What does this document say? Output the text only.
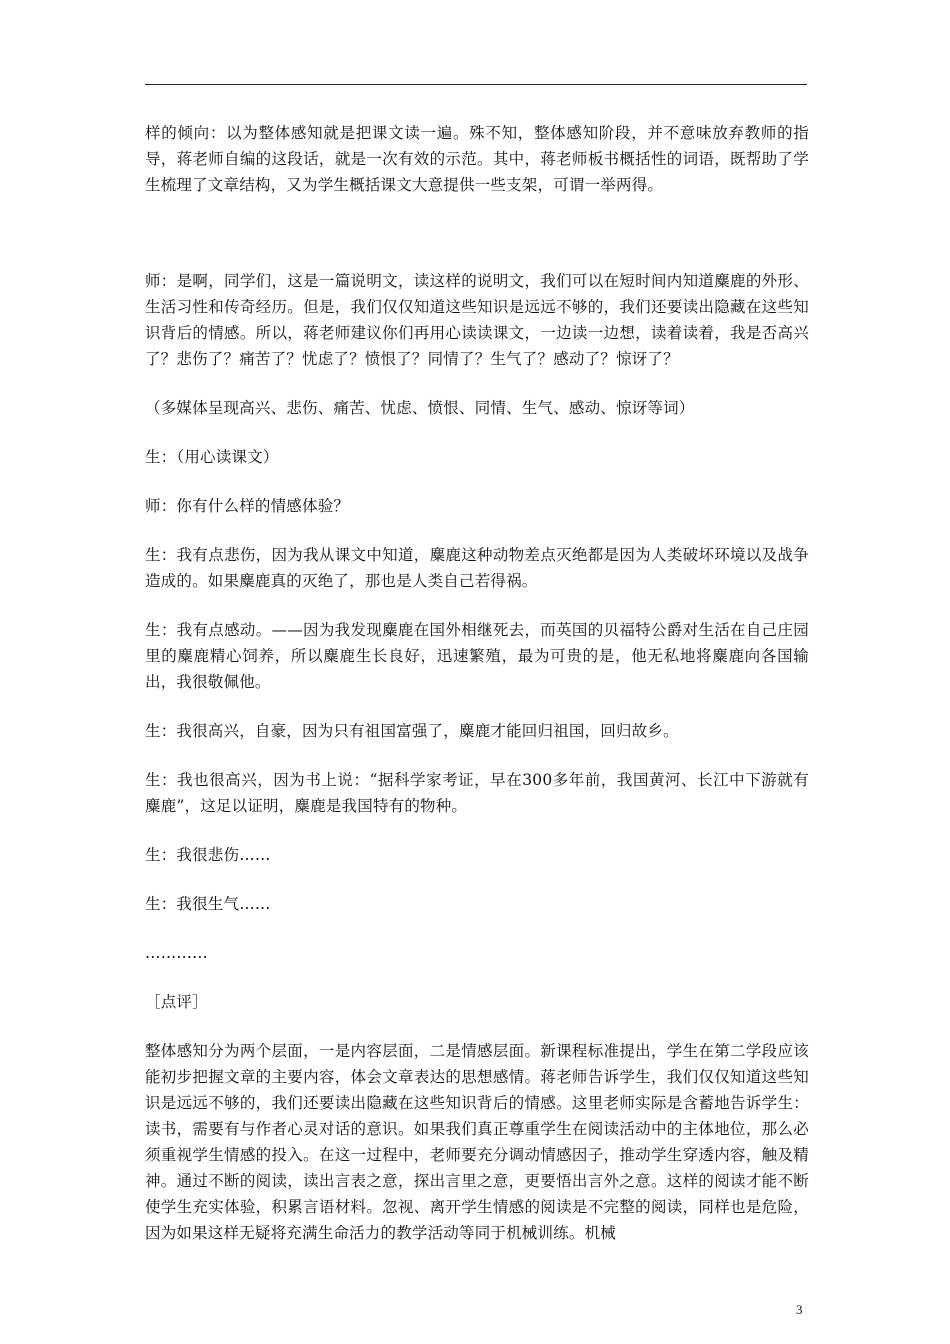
样的倾向：以为整体感知就是把课文读一遍。殊不知，整体感知阶段，并不意味放弃教师的指导，蒋老师自编的这段话，就是一次有效的示范。其中，蒋老师板书概括性的词语，既帮助了学生梳理了文章结构，又为学生概括课文大意提供一些支架，可谓一举两得。

师：是啊，同学们，这是一篇说明文，读这样的说明文，我们可以在短时间内知道麋鹿的外形、生活习性和传奇经历。但是，我们仅仅知道这些知识是远远不够的，我们还要读出隐藏在这些知识背后的情感。所以，蒋老师建议你们再用心读读课文，一边读一边想，读着读着，我是否高兴了？悲伤了？痛苦了？忧虑了？愤恨了？同情了？生气了？感动了？惊讶了？

（多媒体呈现高兴、悲伤、痛苦、忧虑、愤恨、同情、生气、感动、惊讶等词）

生：（用心读课文）

师：你有什么样的情感体验？

生：我有点悲伤，因为我从课文中知道，麋鹿这种动物差点灭绝都是因为人类破坏环境以及战争造成的。如果麋鹿真的灭绝了，那也是人类自己若得祸。

生：我有点感动。——因为我发现麋鹿在国外相继死去，而英国的贝福特公爵对生活在自己庄园里的麋鹿精心饲养，所以麋鹿生长良好，迅速繁殖，最为可贵的是，他无私地将麋鹿向各国输出，我很敬佩他。

生：我很高兴，自豪，因为只有祖国富强了，麋鹿才能回归祖国，回归故乡。

生：我也很高兴，因为书上说：“据科学家考证，早在300多年前，我国黄河、长江中下游就有麋鹿”，这足以证明，麋鹿是我国特有的物种。

生：我很悲伤……

生：我很生气……

…………

［点评］

整体感知分为两个层面，一是内容层面，二是情感层面。新课程标准提出，学生在第二学段应该能初步把握文章的主要内容，体会文章表达的思想感情。蒋老师告诉学生，我们仅仅知道这些知识是远远不够的，我们还要读出隐藏在这些知识背后的情感。这里老师实际是含蓄地告诉学生：读书，需要有与作者心灵对话的意识。如果我们真正尊重学生在阅读活动中的主体地位，那么必须重视学生情感的投入。在这一过程中，老师要充分调动情感因子，推动学生穿透内容，触及精神。通过不断的阅读，读出言表之意，探出言里之意，更要悟出言外之意。这样的阅读才能不断使学生充实体验，积累言语材料。忽视、离开学生情感的阅读是不完整的阅读，同样也是危险，因为如果这样无疑将充满生命活力的教学活动等同于机械训练。机械

3
